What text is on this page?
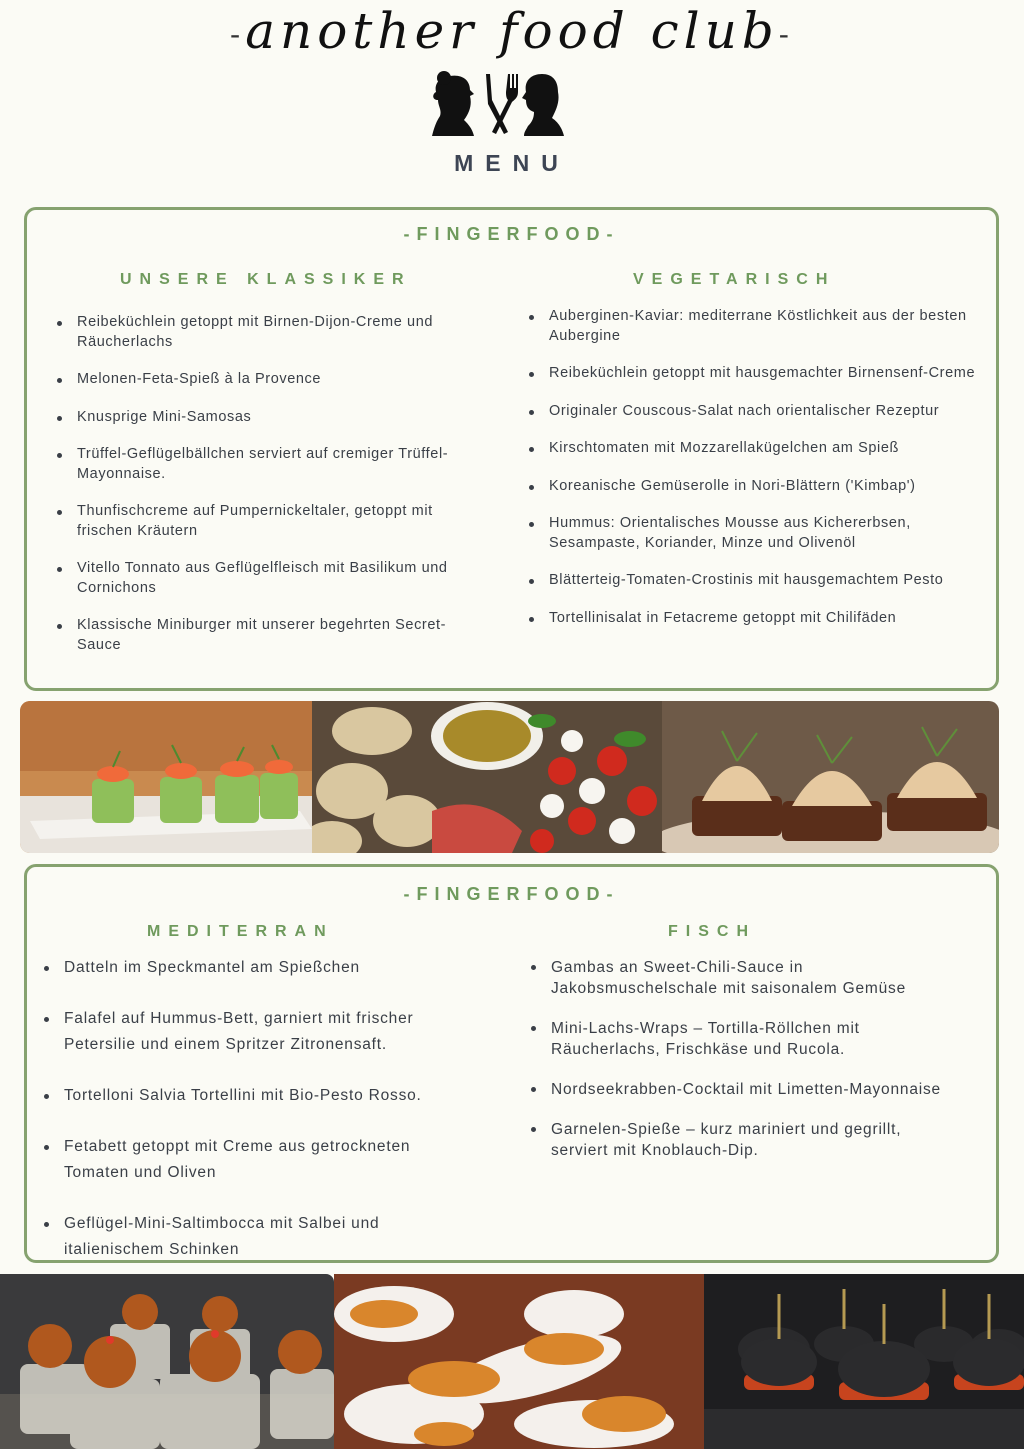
-another food club-
MENU
-FINGERFOOD-
UNSERE KLASSIKER	VEGETARISCH
Reibeküchlein getoppt mit Birnen-Dijon-Creme und Räucherlachs
Melonen-Feta-Spieß à la Provence
Knusprige Mini-Samosas
Trüffel-Geflügelbällchen serviert auf cremiger Trüffel-Mayonnaise.
Thunfischcreme auf Pumpernickeltaler, getoppt mit frischen Kräutern
Vitello Tonnato aus Geflügelfleisch mit Basilikum und Cornichons
Klassische Miniburger mit unserer begehrten Secret-Sauce
Auberginen-Kaviar: mediterrane Köstlichkeit aus der besten Aubergine
Reibeküchlein getoppt mit hausgemachter Birnensenf-Creme
Originaler Couscous-Salat nach orientalischer Rezeptur
Kirschtomaten mit Mozzarellakügelchen am Spieß
Koreanische Gemüserolle in Nori-Blättern ('Kimbap')
Hummus: Orientalisches Mousse aus Kichererbsen, Sesampaste, Koriander, Minze und Olivenöl
Blätterteig-Tomaten-Crostinis mit hausgemachtem Pesto
Tortellinisalat in Fetacreme getoppt mit Chilifäden
-FINGERFOOD-
MEDITERRAN	FISCH
Datteln im Speckmantel am Spießchen
Falafel auf Hummus-Bett, garniert mit frischer Petersilie und einem Spritzer Zitronensaft.
Tortelloni Salvia Tortellini mit Bio-Pesto Rosso.
Fetabett getoppt mit Creme aus getrockneten Tomaten und Oliven
Geflügel-Mini-Saltimbocca mit Salbei und italienischem Schinken
Gambas an Sweet-Chili-Sauce in Jakobsmuschelschale mit saisonalem Gemüse
Mini-Lachs-Wraps – Tortilla-Röllchen mit Räucherlachs, Frischkäse und Rucola.
Nordseekrabben-Cocktail mit Limetten-Mayonnaise
Garnelen-Spieße – kurz mariniert und gegrillt, serviert mit Knoblauch-Dip.
